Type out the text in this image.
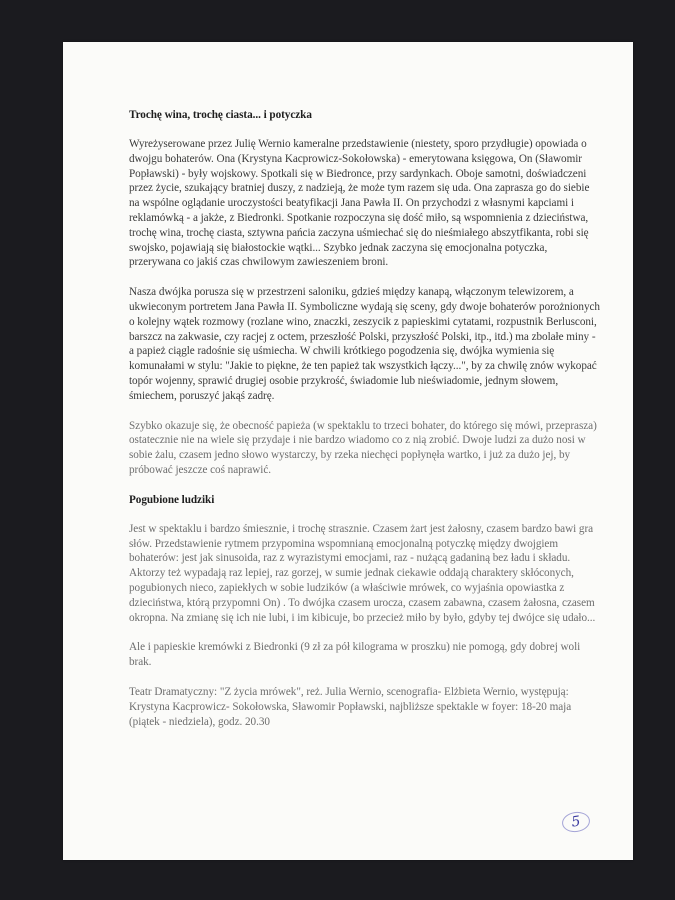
Trochę wina, trochę ciasta... i potyczka

Wyreżyserowane przez Julię Wernio kameralne przedstawienie (niestety, sporo przydługie) opowiada o dwojgu bohaterów. Ona (Krystyna Kacprowicz-Sokołowska) - emerytowana księgowa, On (Sławomir Popławski) - były wojskowy. Spotkali się w Biedronce, przy sardynkach. Oboje samotni, doświadczeni przez życie, szukający bratniej duszy, z nadzieją, że może tym razem się uda. Ona zaprasza go do siebie na wspólne oglądanie uroczystości beatyfikacji Jana Pawła II. On przychodzi z własnymi kapciami i reklamówką - a jakże, z Biedronki. Spotkanie rozpoczyna się dość miło, są wspomnienia z dzieciństwa, trochę wina, trochę ciasta, sztywna pańcia zaczyna uśmiechać się do nieśmiałego abszytfikanta, robi się swojsko, pojawiają się białostockie wątki... Szybko jednak zaczyna się emocjonalna potyczka, przerywana co jakiś czas chwilowym zawieszeniem broni.

Nasza dwójka porusza się w przestrzeni saloniku, gdzieś między kanapą, włączonym telewizorem, a ukwieconym portretem Jana Pawła II. Symboliczne wydają się sceny, gdy dwoje bohaterów porożnionych o kolejny wątek rozmowy (rozlane wino, znaczki, zeszycik z papieskimi cytatami, rozpustnik Berlusconi, barszcz na zakwasie, czy racjej z octem, przeszłość Polski, przyszłość Polski, itp., itd.) ma zbolałe miny - a papież ciągle radośnie się uśmiecha. W chwili krótkiego pogodzenia się, dwójka wymienia się komunałami w stylu: "Jakie to piękne, że ten papież tak wszystkich łączy...", by za chwilę znów wykopać topór wojenny, sprawić drugiej osobie przykrość, świadomie lub nieświadomie, jednym słowem, śmiechem, poruszyć jakąś zadrę.

Szybko okazuje się, że obecność papieża (w spektaklu to trzeci bohater, do którego się mówi, przeprasza) ostatecznie nie na wiele się przydaje i nie bardzo wiadomo co z nią zrobić. Dwoje ludzi za dużo nosi w sobie żalu, czasem jedno słowo wystarczy, by rzeka niechęci popłynęła wartko, i już za dużo jej, by próbować jeszcze coś naprawić.

Pogubione ludziki

Jest w spektaklu i bardzo śmiesznie, i trochę strasznie. Czasem żart jest żałosny, czasem bardzo bawi gra słów. Przedstawienie rytmem przypomina wspomnianą emocjonalną potyczkę między dwojgiem bohaterów: jest jak sinusoida, raz z wyrazistymi emocjami, raz - nużącą gadaniną bez ładu i składu. Aktorzy też wypadają raz lepiej, raz gorzej, w sumie jednak ciekawie oddają charaktery skłóconych, pogubionych nieco, zapiekłych w sobie ludzików (a właściwie mrówek, co wyjaśnia opowiastka z dzieciństwa, którą przypomni On) . To dwójka czasem urocza, czasem zabawna, czasem żałosna, czasem okropna. Na zmianę się ich nie lubi, i im kibicuje, bo przecież miło by było, gdyby tej dwójce się udało...

Ale i papieskie kremówki z Biedronki (9 zł za pół kilograma w proszku) nie pomogą, gdy dobrej woli brak.

Teatr Dramatyczny: "Z życia mrówek", reż. Julia Wernio, scenografia- Elżbieta Wernio, występują: Krystyna Kacprowicz- Sokołowska, Sławomir Popławski, najbliższe spektakle w foyer: 18-20 maja (piątek - niedziela), godz. 20.30

5
